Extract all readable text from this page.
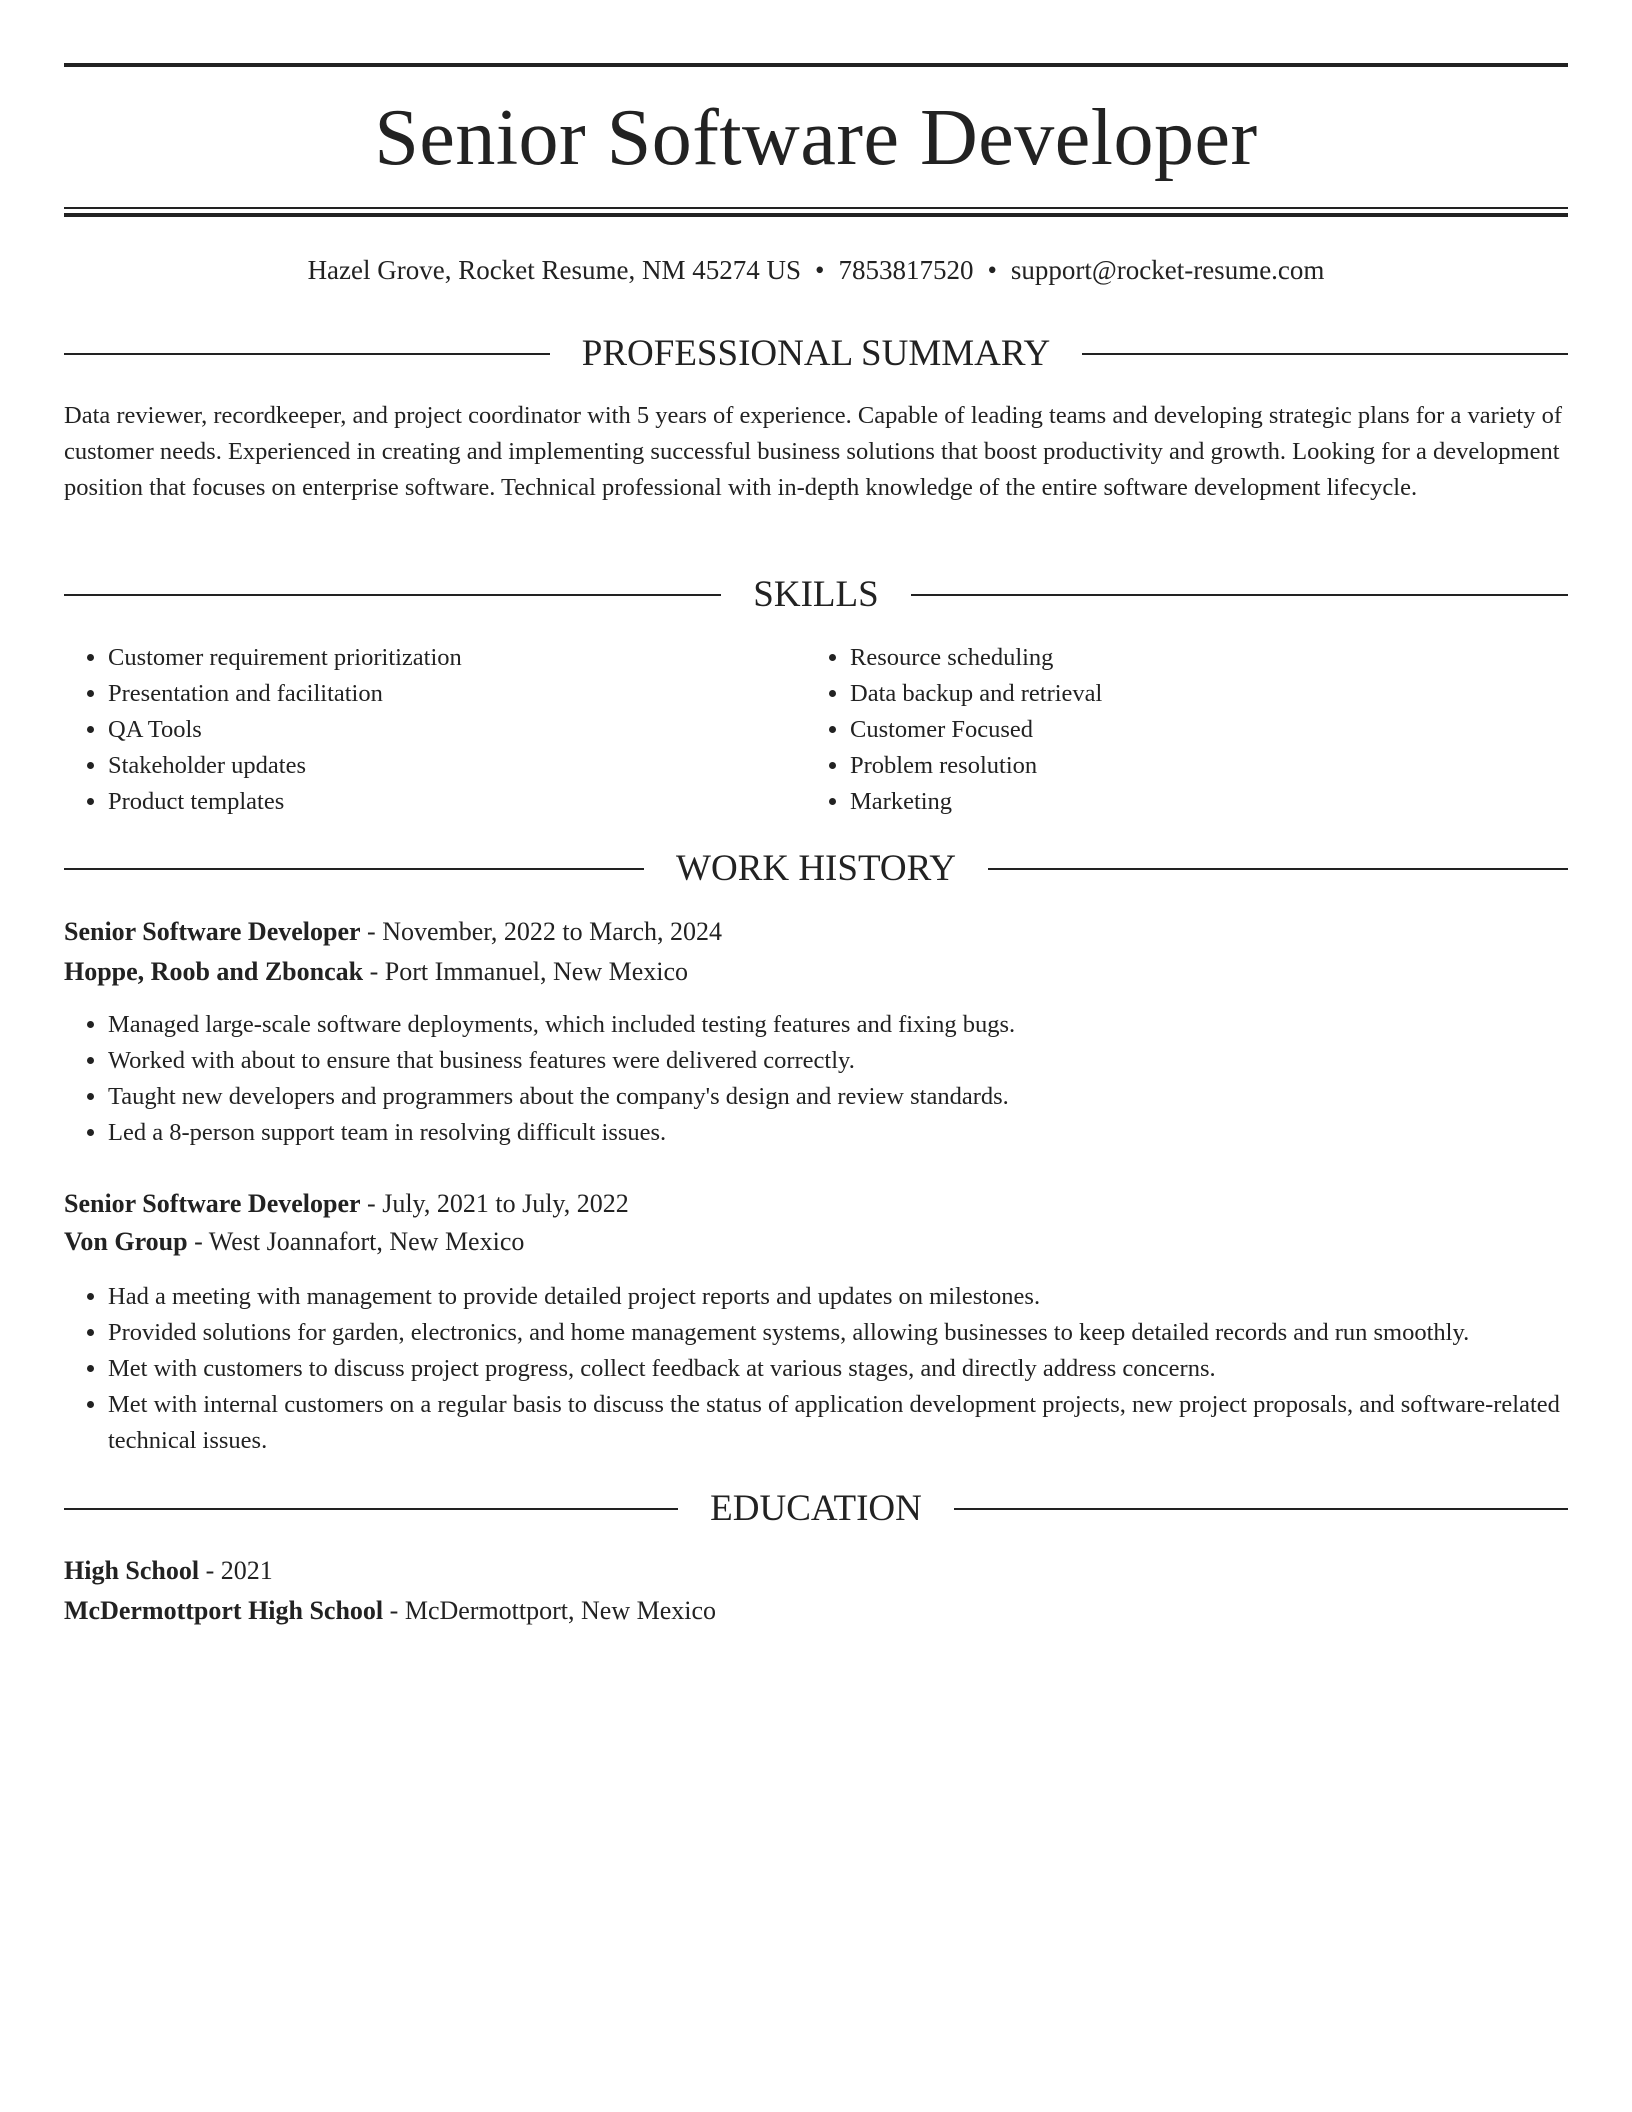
Senior Software Developer
Hazel Grove, Rocket Resume, NM 45274 US • 7853817520 • support@rocket-resume.com
PROFESSIONAL SUMMARY

Data reviewer, recordkeeper, and project coordinator with 5 years of experience. Capable of leading teams and developing strategic plans for a variety of customer needs. Experienced in creating and implementing successful business solutions that boost productivity and growth. Looking for a development position that focuses on enterprise software. Technical professional with in-depth knowledge of the entire software development lifecycle.

SKILLS
• Customer requirement prioritization
• Presentation and facilitation
• QA Tools
• Stakeholder updates
• Product templates
• Resource scheduling
• Data backup and retrieval
• Customer Focused
• Problem resolution
• Marketing
WORK HISTORY
Senior Software Developer - November, 2022 to March, 2024
Hoppe, Roob and Zboncak - Port Immanuel, New Mexico
• Managed large-scale software deployments, which included testing features and fixing bugs.
• Worked with about to ensure that business features were delivered correctly.
• Taught new developers and programmers about the company's design and review standards.
• Led a 8-person support team in resolving difficult issues.
Senior Software Developer - July, 2021 to July, 2022
Von Group - West Joannafort, New Mexico
• Had a meeting with management to provide detailed project reports and updates on milestones.
• Provided solutions for garden, electronics, and home management systems, allowing businesses to keep detailed records and run smoothly.
• Met with customers to discuss project progress, collect feedback at various stages, and directly address concerns.
• Met with internal customers on a regular basis to discuss the status of application development projects, new project proposals, and software-related technical issues.
EDUCATION
High School - 2021
McDermottport High School - McDermottport, New Mexico
